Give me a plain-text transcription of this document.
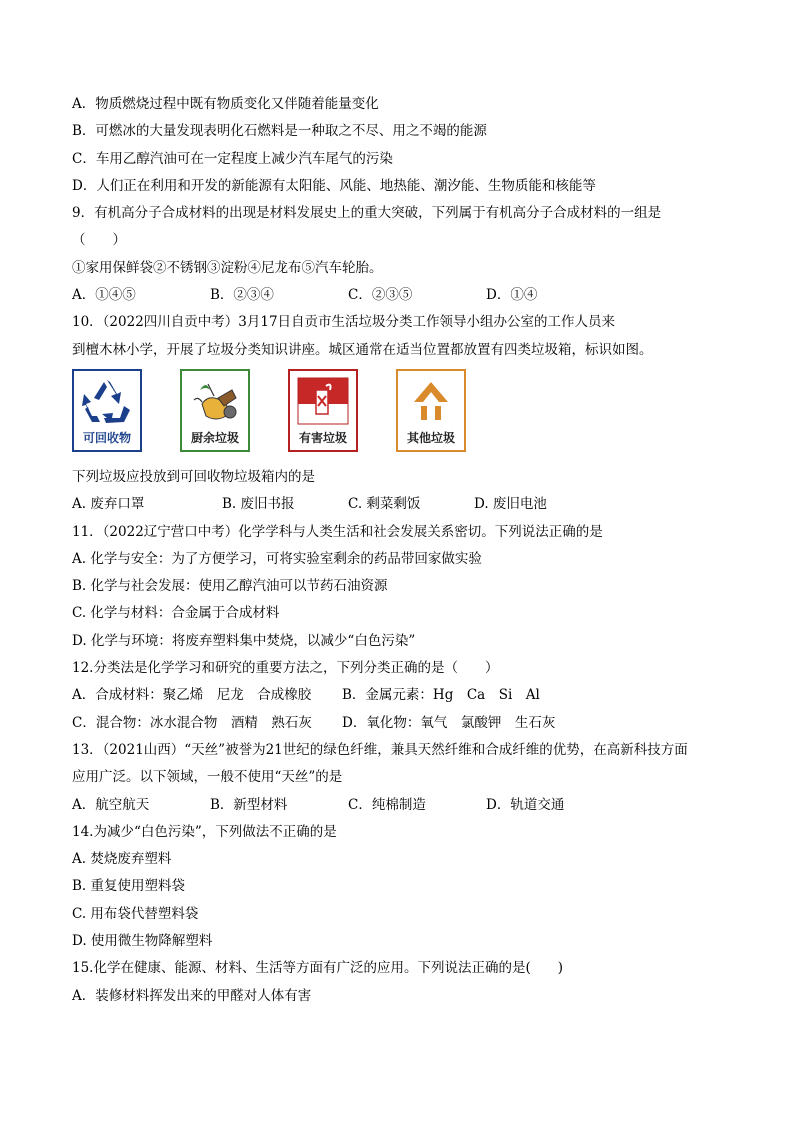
A．物质燃烧过程中既有物质变化又伴随着能量变化
B．可燃冰的大量发现表明化石燃料是一种取之不尽、用之不竭的能源
C．车用乙醇汽油可在一定程度上减少汽车尾气的污染
D．人们正在利用和开发的新能源有太阳能、风能、地热能、潮汐能、生物质能和核能等
9．有机高分子合成材料的出现是材料发展史上的重大突破，下列属于有机高分子合成材料的一组是
（　　）
①家用保鲜袋②不锈钢③淀粉④尼龙布⑤汽车轮胎。
A．①④⑤	B．②③④	C．②③⑤	D．①④
10．（2022四川自贡中考）3月17日自贡市生活垃圾分类工作领导小组办公室的工作人员来
到檀木林小学，开展了垃圾分类知识讲座。城区通常在适当位置都放置有四类垃圾箱，标识如图。
可回收物	厨余垃圾	有害垃圾	其他垃圾
下列垃圾应投放到可回收物垃圾箱内的是
A. 废弃口罩	B. 废旧书报	C. 剩菜剩饭	D. 废旧电池
11．（2022辽宁营口中考）化学学科与人类生活和社会发展关系密切。下列说法正确的是
A. 化学与安全：为了方便学习，可将实验室剩余的药品带回家做实验
B. 化学与社会发展：使用乙醇汽油可以节药石油资源
C. 化学与材料：合金属于合成材料
D. 化学与环境：将废弃塑料集中焚烧，以减少“白色污染”
12.分类法是化学学习和研究的重要方法之，下列分类正确的是（　　）
A．合成材料：聚乙烯　尼龙　合成橡胶	B．金属元素：Hg　Ca　Si　Al
C．混合物：冰水混合物　酒精　熟石灰	D．氧化物：氧气　氯酸钾　生石灰
13．（2021山西）“天丝”被誉为21世纪的绿色纤维，兼具天然纤维和合成纤维的优势，在高新科技方面
应用广泛。以下领域，一般不使用“天丝”的是
A．航空航天	B．新型材料	C．纯棉制造	D．轨道交通
14.为减少“白色污染”，下列做法不正确的是
A. 焚烧废弃塑料
B. 重复使用塑料袋
C. 用布袋代替塑料袋
D. 使用微生物降解塑料
15.化学在健康、能源、材料、生活等方面有广泛的应用。下列说法正确的是(　　)
A．装修材料挥发出来的甲醛对人体有害
